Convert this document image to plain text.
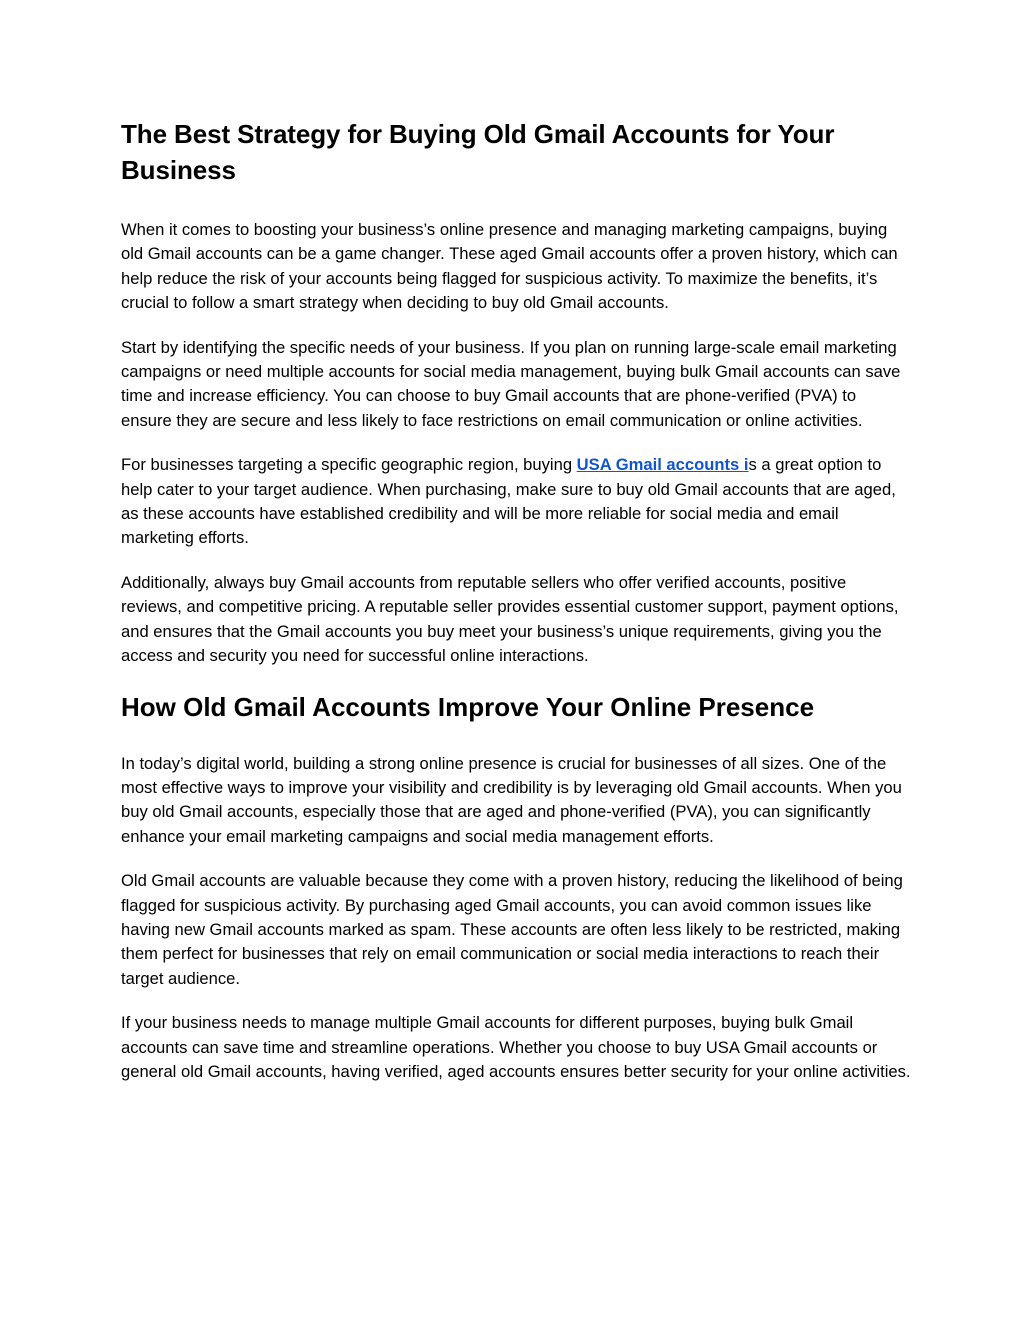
The Best Strategy for Buying Old Gmail Accounts for Your Business

When it comes to boosting your business’s online presence and managing marketing campaigns, buying old Gmail accounts can be a game changer. These aged Gmail accounts offer a proven history, which can help reduce the risk of your accounts being flagged for suspicious activity. To maximize the benefits, it’s crucial to follow a smart strategy when deciding to buy old Gmail accounts.

Start by identifying the specific needs of your business. If you plan on running large-scale email marketing campaigns or need multiple accounts for social media management, buying bulk Gmail accounts can save time and increase efficiency. You can choose to buy Gmail accounts that are phone-verified (PVA) to ensure they are secure and less likely to face restrictions on email communication or online activities.

For businesses targeting a specific geographic region, buying USA Gmail accounts is a great option to help cater to your target audience. When purchasing, make sure to buy old Gmail accounts that are aged, as these accounts have established credibility and will be more reliable for social media and email marketing efforts.

Additionally, always buy Gmail accounts from reputable sellers who offer verified accounts, positive reviews, and competitive pricing. A reputable seller provides essential customer support, payment options, and ensures that the Gmail accounts you buy meet your business’s unique requirements, giving you the access and security you need for successful online interactions.

How Old Gmail Accounts Improve Your Online Presence

In today’s digital world, building a strong online presence is crucial for businesses of all sizes. One of the most effective ways to improve your visibility and credibility is by leveraging old Gmail accounts. When you buy old Gmail accounts, especially those that are aged and phone-verified (PVA), you can significantly enhance your email marketing campaigns and social media management efforts.

Old Gmail accounts are valuable because they come with a proven history, reducing the likelihood of being flagged for suspicious activity. By purchasing aged Gmail accounts, you can avoid common issues like having new Gmail accounts marked as spam. These accounts are often less likely to be restricted, making them perfect for businesses that rely on email communication or social media interactions to reach their target audience.

If your business needs to manage multiple Gmail accounts for different purposes, buying bulk Gmail accounts can save time and streamline operations. Whether you choose to buy USA Gmail accounts or general old Gmail accounts, having verified, aged accounts ensures better security for your online activities.
